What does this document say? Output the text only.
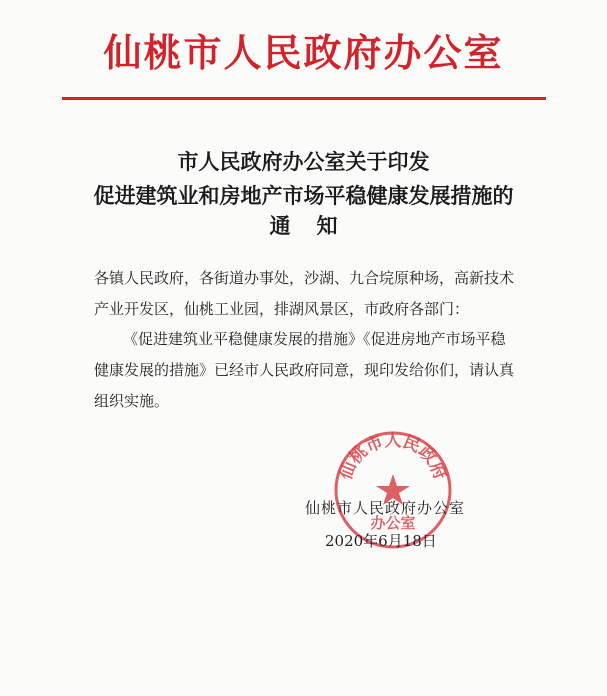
仙桃市人民政府办公室
市人民政府办公室关于印发
促进建筑业和房地产市场平稳健康发展措施的
通知
各镇人民政府，各街道办事处，沙湖、九合垸原种场，高新技术
产业开发区，仙桃工业园，排湖风景区，市政府各部门：
《促进建筑业平稳健康发展的措施》《促进房地产市场平稳
健康发展的措施》已经市人民政府同意，现印发给你们，请认真
组织实施。
仙桃市人民政府
办公室
仙桃市人民政府办公室
2020年6月18日
